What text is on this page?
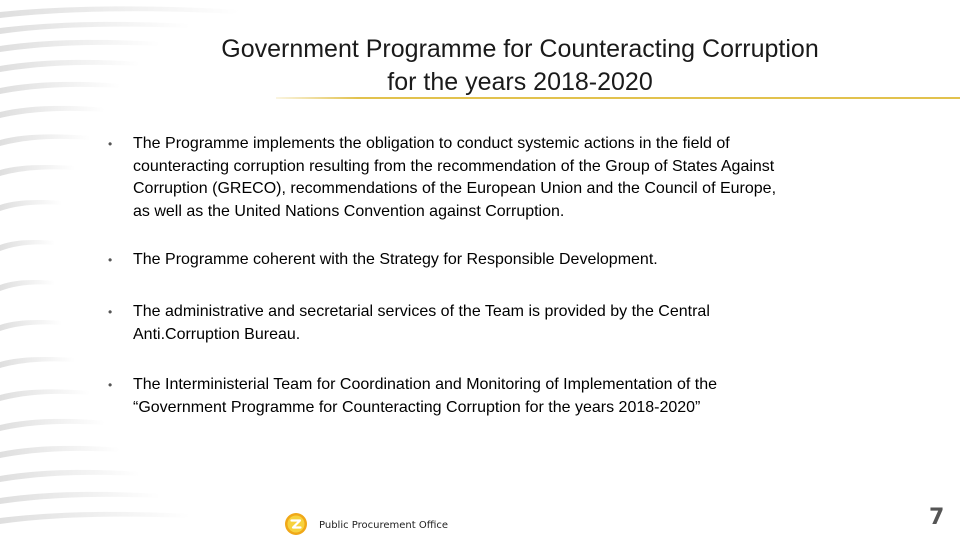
Government Programme for Counteracting Corruption
for the years 2018-2020
• The Programme implements the obligation to conduct systemic actions in the field of
counteracting corruption resulting from the recommendation of the Group of States Against
Corruption (GRECO), recommendations of the European Union and the Council of Europe,
as well as the United Nations Convention against Corruption.
• The Programme coherent with the Strategy for Responsible Development.
• The administrative and secretarial services of the Team is provided by the Central
Anti.Corruption Bureau.
• The Interministerial Team for Coordination and Monitoring of Implementation of the
“Government Programme for Counteracting Corruption for the years 2018-2020”
Public Procurement Office	7
